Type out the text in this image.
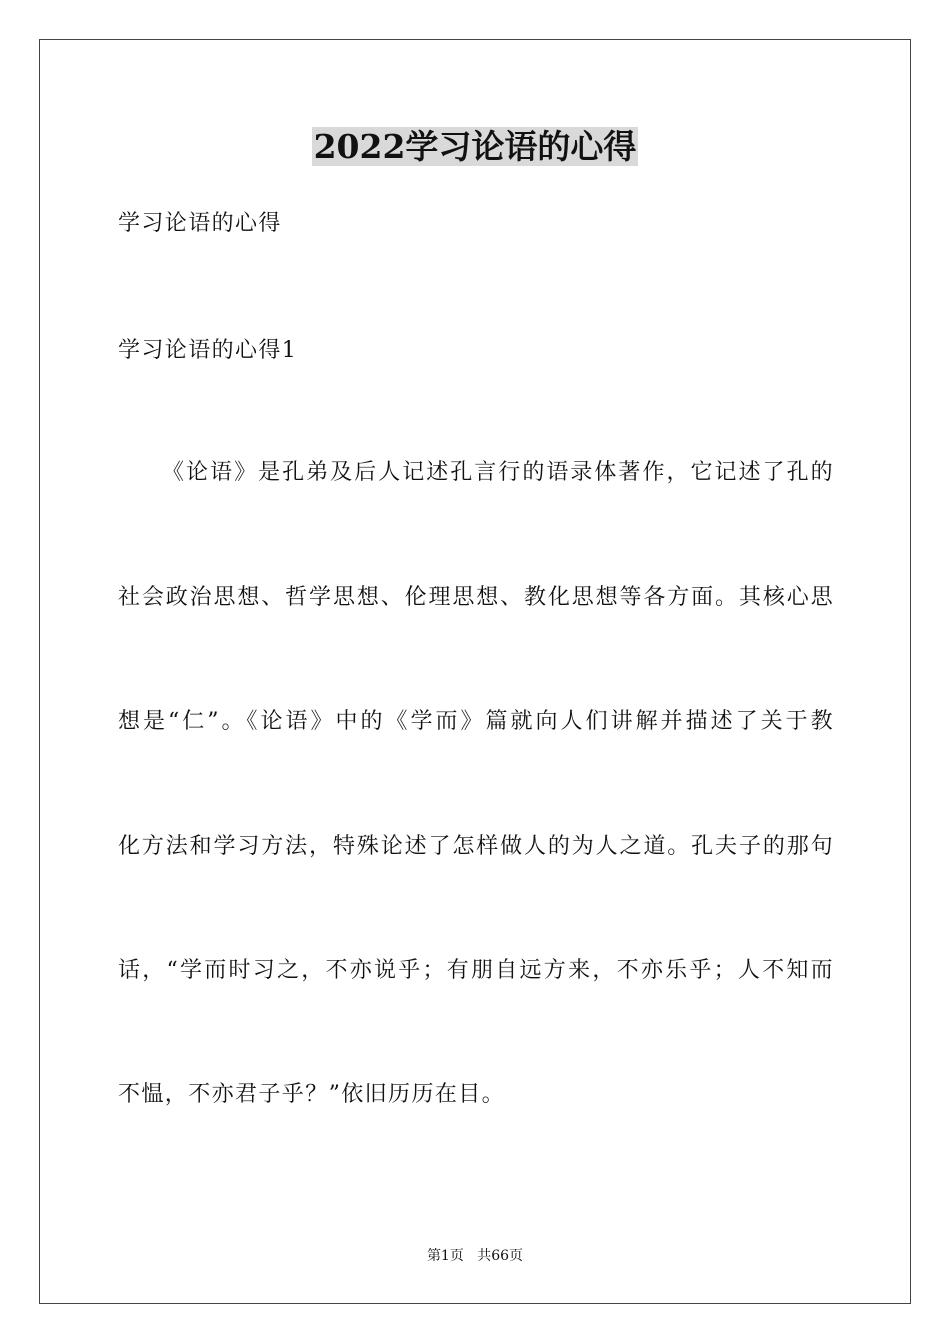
2022学习论语的心得

学习论语的心得

学习论语的心得1

《论语》是孔弟及后人记述孔言行的语录体著作，它记述了孔的

社会政治思想、哲学思想、伦理思想、教化思想等各方面。其核心思

想是“仁”。《论语》中的《学而》篇就向人们讲解并描述了关于教

化方法和学习方法，特殊论述了怎样做人的为人之道。孔夫子的那句

话，“学而时习之，不亦说乎；有朋自远方来，不亦乐乎；人不知而

不愠，不亦君子乎？”依旧历历在目。

第1页 共66页
